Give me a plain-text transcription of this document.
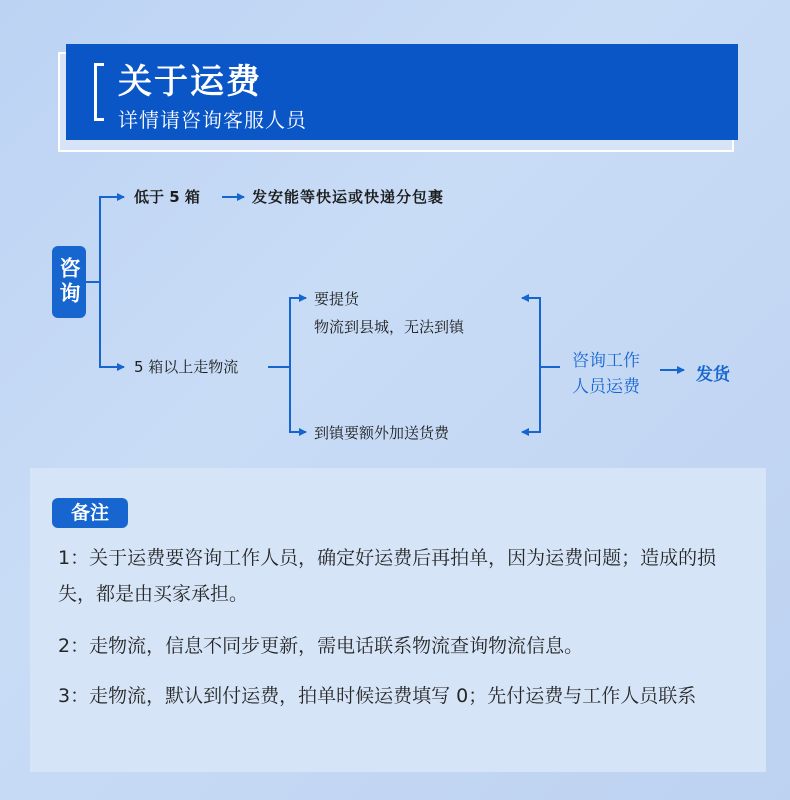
关于运费
详情请咨询客服人员
咨询
低于 5 箱	发安能等快运或快递分包裹
5 箱以上走物流
要提货
物流到县城，无法到镇
到镇要额外加送货费
咨询工作
人员运费
发货
备注
1：关于运费要咨询工作人员，确定好运费后再拍单，因为运费问题；造成的损失，都是由买家承担。
2：走物流，信息不同步更新，需电话联系物流查询物流信息。
3：走物流，默认到付运费，拍单时候运费填写 0；先付运费与工作人员联系
